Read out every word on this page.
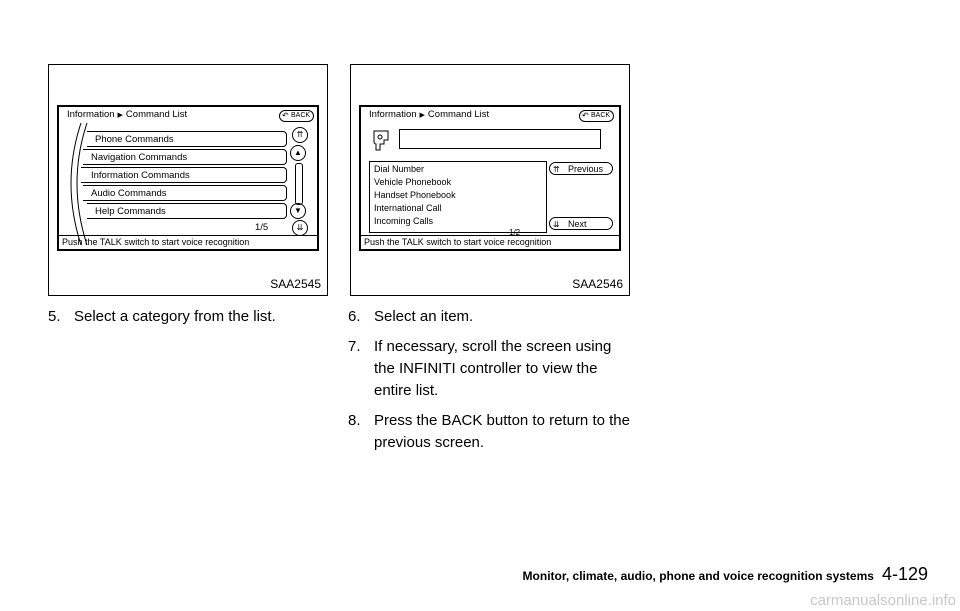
Information ▶ Command List	↶ BACK
Phone Commands
Navigation Commands
Information Commands
Audio Commands
Help Commands
1/5
⇈
▲
▼
⇊
Push the TALK switch to start voice recognition
SAA2545
Information ▶ Command List	↶ BACK
Dial Number
Vehicle Phonebook
Handset Phonebook
International Call
Incoming Calls
⇈ Previous
⇊ Next
1/2
Push the TALK switch to start voice recognition
SAA2546
5. Select a category from the list.	6. Select an item.
7. If necessary, scroll the screen using the INFINITI controller to view the entire list.
8. Press the BACK button to return to the previous screen.
Monitor, climate, audio, phone and voice recognition systems 4-129
carmanualsonline.info
